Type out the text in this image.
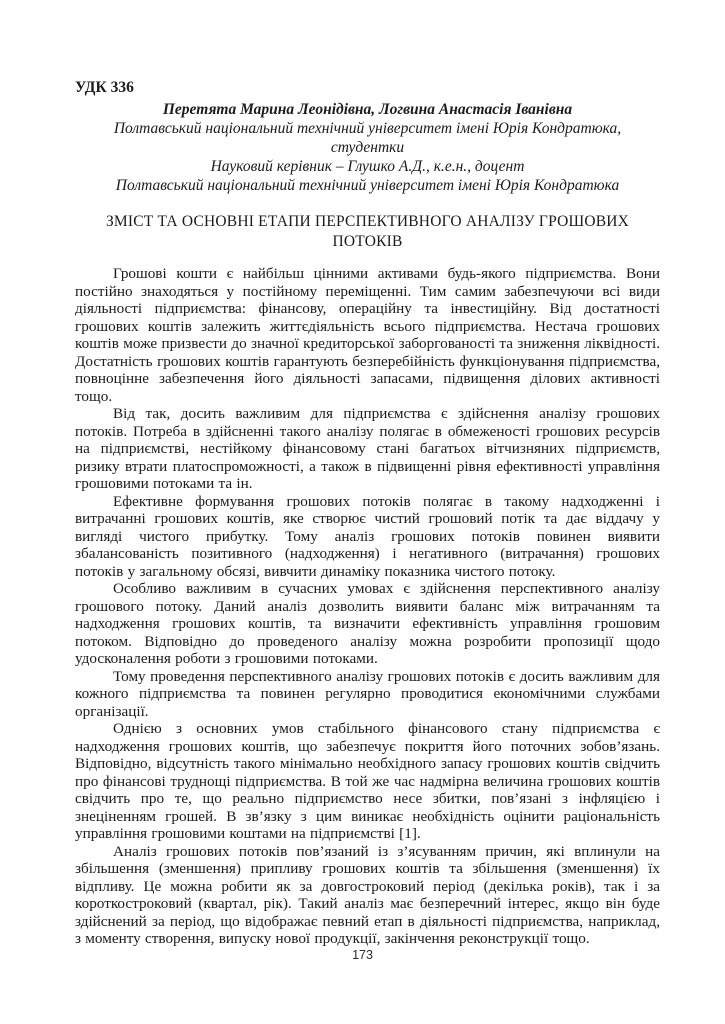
УДК 336
Перетята Марина Леонідівна, Логвина Анастасія Іванівна
Полтавський національний технічний університет імені Юрія Кондратюка,
студентки
Науковий керівник – Глушко А.Д., к.е.н., доцент
Полтавський національний технічний університет імені Юрія Кондратюка
ЗМІСТ ТА ОСНОВНІ ЕТАПИ ПЕРСПЕКТИВНОГО АНАЛІЗУ ГРОШОВИХ ПОТОКІВ

Грошові кошти є найбільш цінними активами будь-якого підприємства. Вони постійно знаходяться у постійному переміщенні. Тим самим забезпечуючи всі види діяльності підприємства: фінансову, операційну та інвестиційну. Від достатності грошових коштів залежить життєдіяльність всього підприємства. Нестача грошових коштів може призвести до значної кредиторської заборгованості та зниження ліквідності. Достатність грошових коштів гарантують безперебійність функціонування підприємства, повноцінне забезпечення його діяльності запасами, підвищення ділових активності тощо.

Від так, досить важливим для підприємства є здійснення аналізу грошових потоків. Потреба в здійсненні такого аналізу полягає в обмеженості грошових ресурсів на підприємстві, нестійкому фінансовому стані багатьох вітчизняних підприємств, ризику втрати платоспроможності, а також в підвищенні рівня ефективності управління грошовими потоками та ін.

Ефективне формування грошових потоків полягає в такому надходженні і витрачанні грошових коштів, яке створює чистий грошовий потік та дає віддачу у вигляді чистого прибутку. Тому аналіз грошових потоків повинен виявити збалансованість позитивного (надходження) і негативного (витрачання) грошових потоків у загальному обсязі, вивчити динаміку показника чистого потоку.

Особливо важливим в сучасних умовах є здійснення перспективного аналізу грошового потоку. Даний аналіз дозволить виявити баланс між витрачанням та надходження грошових коштів, та визначити ефективність управління грошовим потоком. Відповідно до проведеного аналізу можна розробити пропозиції щодо удосконалення роботи з грошовими потоками.

Тому проведення перспективного аналізу грошових потоків є досить важливим для кожного підприємства та повинен регулярно проводитися економічними службами організації.

Однією з основних умов стабільного фінансового стану підприємства є надходження грошових коштів, що забезпечує покриття його поточних зобов’язань. Відповідно, відсутність такого мінімально необхідного запасу грошових коштів свідчить про фінансові труднощі підприємства. В той же час надмірна величина грошових коштів свідчить про те, що реально підприємство несе збитки, пов’язані з інфляцією і знеціненням грошей. В зв’язку з цим виникає необхідність оцінити раціональність управління грошовими коштами на підприємстві [1].

Аналіз грошових потоків пов’язаний із з’ясуванням причин, які вплинули на збільшення (зменшення) припливу грошових коштів та збільшення (зменшення) їх відпливу. Це можна робити як за довгостроковий період (декілька років), так і за короткостроковий (квартал, рік). Такий аналіз має безперечний інтерес, якщо він буде здійснений за період, що відображає певний етап в діяльності підприємства, наприклад, з моменту створення, випуску нової продукції, закінчення реконструкції тощо.

173
